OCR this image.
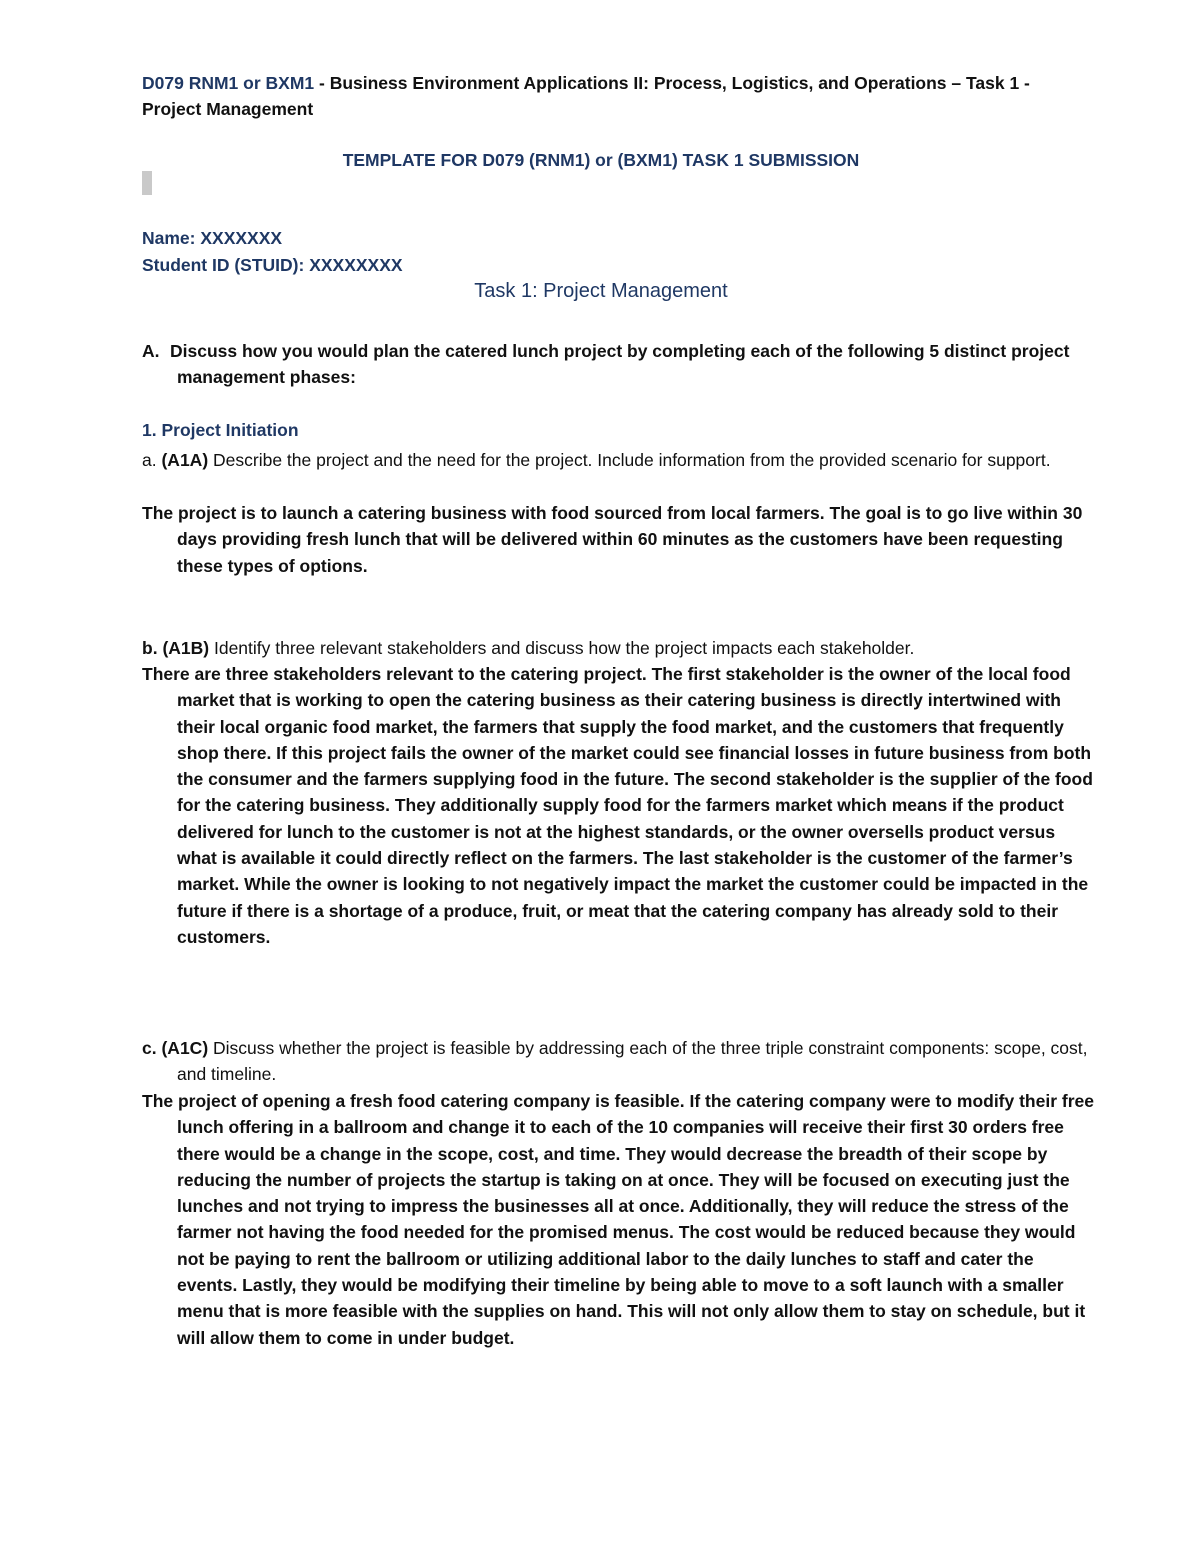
D079 RNM1 or BXM1 - Business Environment Applications II: Process, Logistics, and Operations – Task 1 - Project Management
TEMPLATE FOR D079 (RNM1) or (BXM1) TASK 1 SUBMISSION
Name: XXXXXXX
Student ID (STUID): XXXXXXXX
Task 1: Project Management
A. Discuss how you would plan the catered lunch project by completing each of the following 5 distinct project management phases:
1. Project Initiation
a. (A1A) Describe the project and the need for the project. Include information from the provided scenario for support.
The project is to launch a catering business with food sourced from local farmers. The goal is to go live within 30 days providing fresh lunch that will be delivered within 60 minutes as the customers have been requesting these types of options.
b. (A1B) Identify three relevant stakeholders and discuss how the project impacts each stakeholder.
There are three stakeholders relevant to the catering project. The first stakeholder is the owner of the local food market that is working to open the catering business as their catering business is directly intertwined with their local organic food market, the farmers that supply the food market, and the customers that frequently shop there. If this project fails the owner of the market could see financial losses in future business from both the consumer and the farmers supplying food in the future. The second stakeholder is the supplier of the food for the catering business. They additionally supply food for the farmers market which means if the product delivered for lunch to the customer is not at the highest standards, or the owner oversells product versus what is available it could directly reflect on the farmers. The last stakeholder is the customer of the farmer’s market. While the owner is looking to not negatively impact the market the customer could be impacted in the future if there is a shortage of a produce, fruit, or meat that the catering company has already sold to their customers.
c. (A1C) Discuss whether the project is feasible by addressing each of the three triple constraint components: scope, cost, and timeline.
The project of opening a fresh food catering company is feasible. If the catering company were to modify their free lunch offering in a ballroom and change it to each of the 10 companies will receive their first 30 orders free there would be a change in the scope, cost, and time. They would decrease the breadth of their scope by reducing the number of projects the startup is taking on at once. They will be focused on executing just the lunches and not trying to impress the businesses all at once. Additionally, they will reduce the stress of the farmer not having the food needed for the promised menus. The cost would be reduced because they would not be paying to rent the ballroom or utilizing additional labor to the daily lunches to staff and cater the events. Lastly, they would be modifying their timeline by being able to move to a soft launch with a smaller menu that is more feasible with the supplies on hand. This will not only allow them to stay on schedule, but it will allow them to come in under budget.
